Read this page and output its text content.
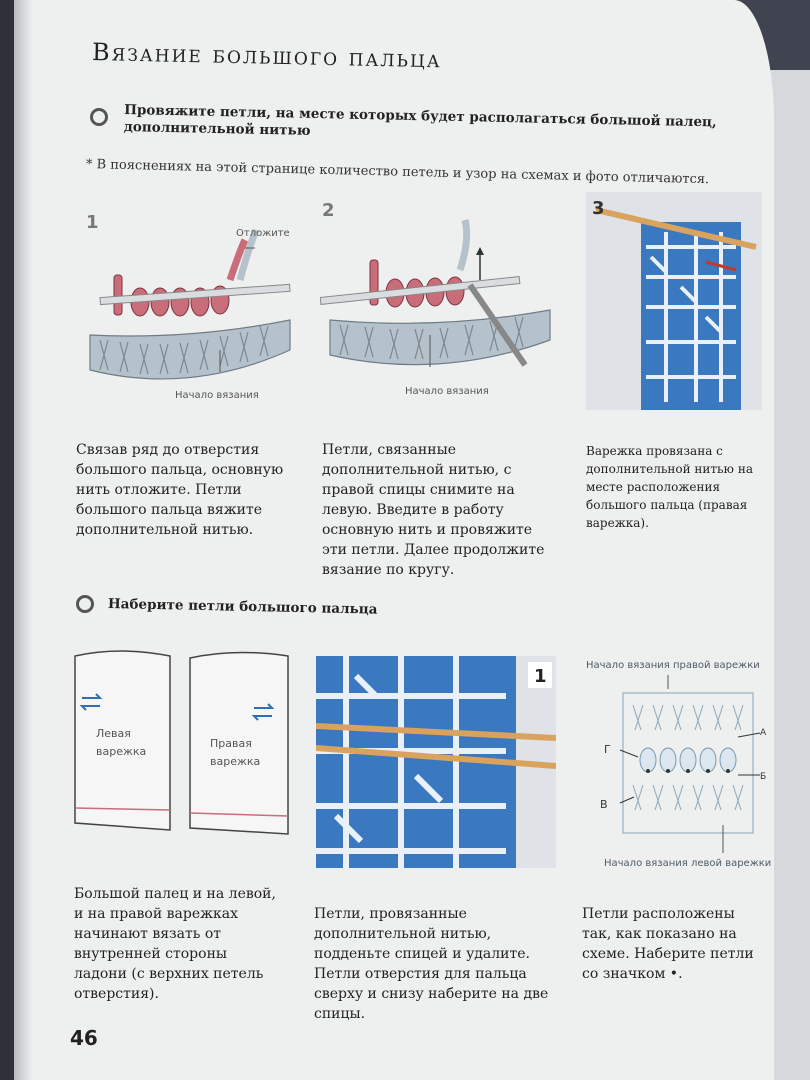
Вязание большого пальца
Провяжите петли, на месте которых будет располагаться большой палец, дополнительной нитью
* В пояснениях на этой странице количество петель и узор на схемах и фото отличаются.
1
Отложите
Начало вязания
2
Начало вязания
3
Связав ряд до отверстия большого пальца, основную нить отложите. Петли большого пальца вяжите дополнительной нитью.
Петли, связанные дополнительной нитью, с правой спицы снимите на левую. Введите в работу основную нить и провяжите эти петли. Далее продолжите вязание по кругу.
Варежка провязана с дополнительной нитью на месте расположения большого пальца (правая варежка).
Наберите петли большого пальца
Левая варежка
Правая варежка
1
Начало вязания правой варежки
Г
В
А
Б
Начало вязания левой варежки
Большой палец и на левой, и на правой варежках начинают вязать от внутренней стороны ладони (с верхних петель отверстия).
Петли, провязанные дополнительной нитью, подденьте спицей и удалите. Петли отверстия для пальца сверху и снизу наберите на две спицы.
Петли расположены так, как показано на схеме. Наберите петли со значком •.
46
